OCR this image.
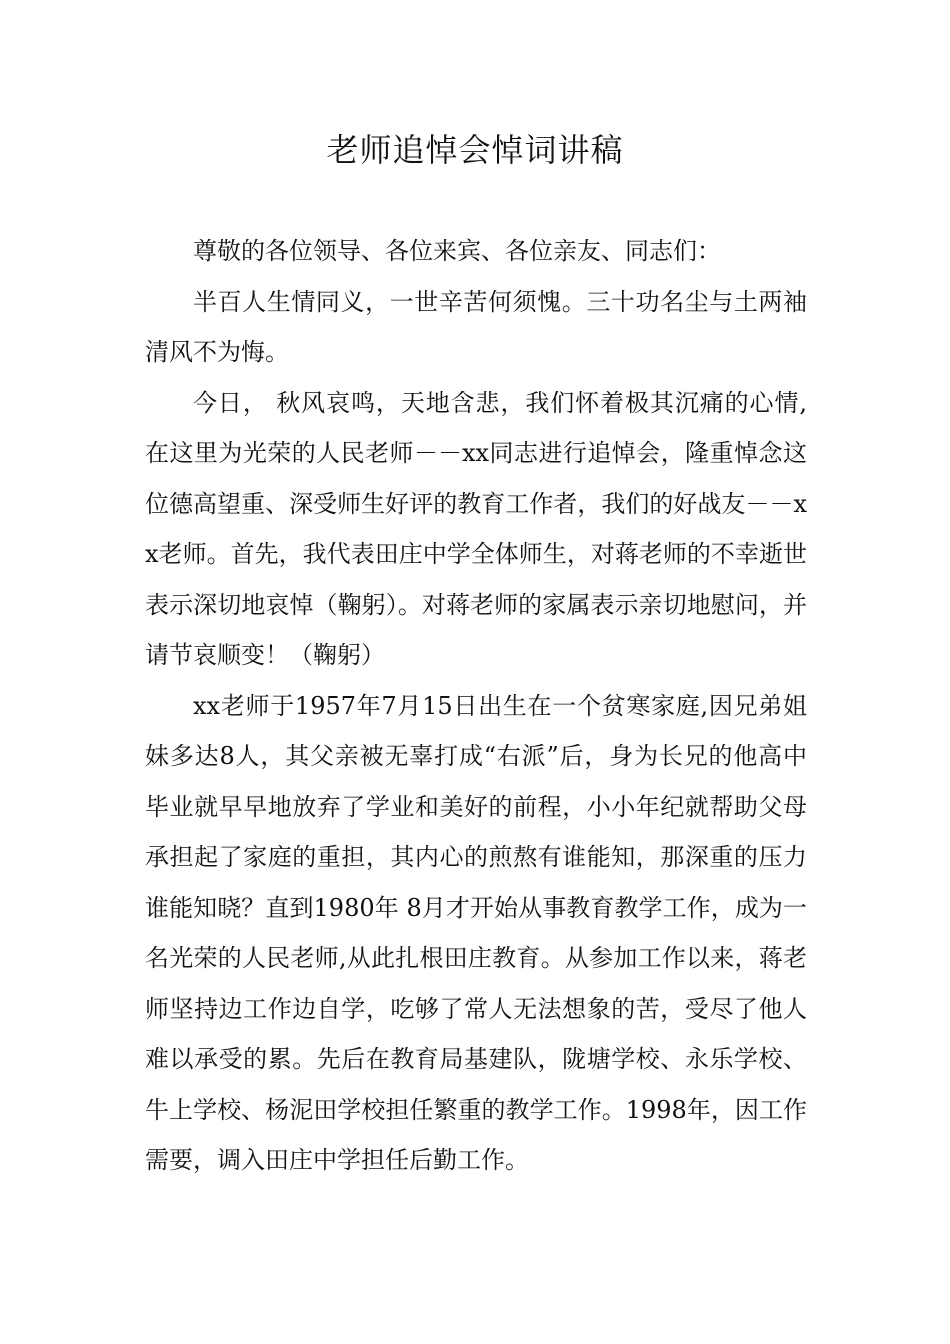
老师追悼会悼词讲稿

尊敬的各位领导、各位来宾、各位亲友、同志们：

半百人生情同义，一世辛苦何须愧。三十功名尘与土两袖清风不为悔。

今日， 秋风哀鸣，天地含悲，我们怀着极其沉痛的心情,在这里为光荣的人民老师－－xx同志进行追悼会，隆重悼念这位德高望重、深受师生好评的教育工作者，我们的好战友－－xx老师。首先，我代表田庄中学全体师生，对蒋老师的不幸逝世表示深切地哀悼（鞠躬）。对蒋老师的家属表示亲切地慰问，并请节哀顺变！（鞠躬）

xx老师于1957年7月15日出生在一个贫寒家庭,因兄弟姐妹多达8人，其父亲被无辜打成“右派”后，身为长兄的他高中毕业就早早地放弃了学业和美好的前程，小小年纪就帮助父母承担起了家庭的重担，其内心的煎熬有谁能知，那深重的压力谁能知晓？直到1980年 8月才开始从事教育教学工作，成为一名光荣的人民老师,从此扎根田庄教育。从参加工作以来，蒋老师坚持边工作边自学，吃够了常人无法想象的苦，受尽了他人难以承受的累。先后在教育局基建队，陇塘学校、永乐学校、牛上学校、杨泥田学校担任繁重的教学工作。1998年，因工作需要，调入田庄中学担任后勤工作。
